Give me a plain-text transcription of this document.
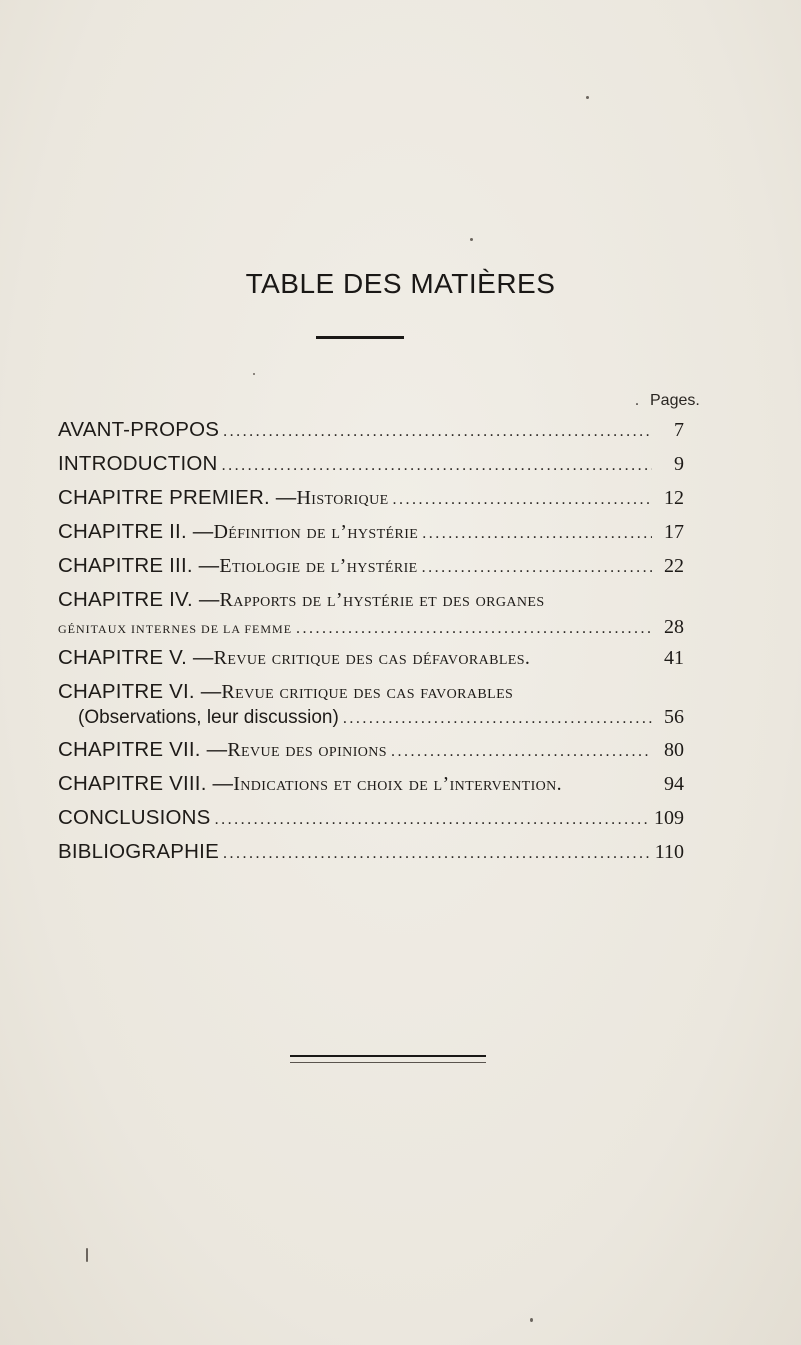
TABLE DES MATIÈRES
. Pages.
AVANT-PROPOS .....	7
INTRODUCTION .....	9
CHAPITRE PREMIER. — Historique .....	12
CHAPITRE II. — Définition de l’hystérie .....	17
CHAPITRE III. — Etiologie de l’hystérie .....	22
CHAPITRE IV. — Rapports de l’hystérie et des organes
GÉNITAUX INTERNES DE LA FEMME .....	28
CHAPITRE V. — Revue critique des cas défavorables.	41
CHAPITRE VI. — Revue critique des cas favorables
(Observations, leur discussion) .....	56
CHAPITRE VII. — Revue des opinions .....	80
CHAPITRE VIII. — Indications et choix de l’intervention.	94
CONCLUSIONS .....	109
BIBLIOGRAPHIE .....	110
